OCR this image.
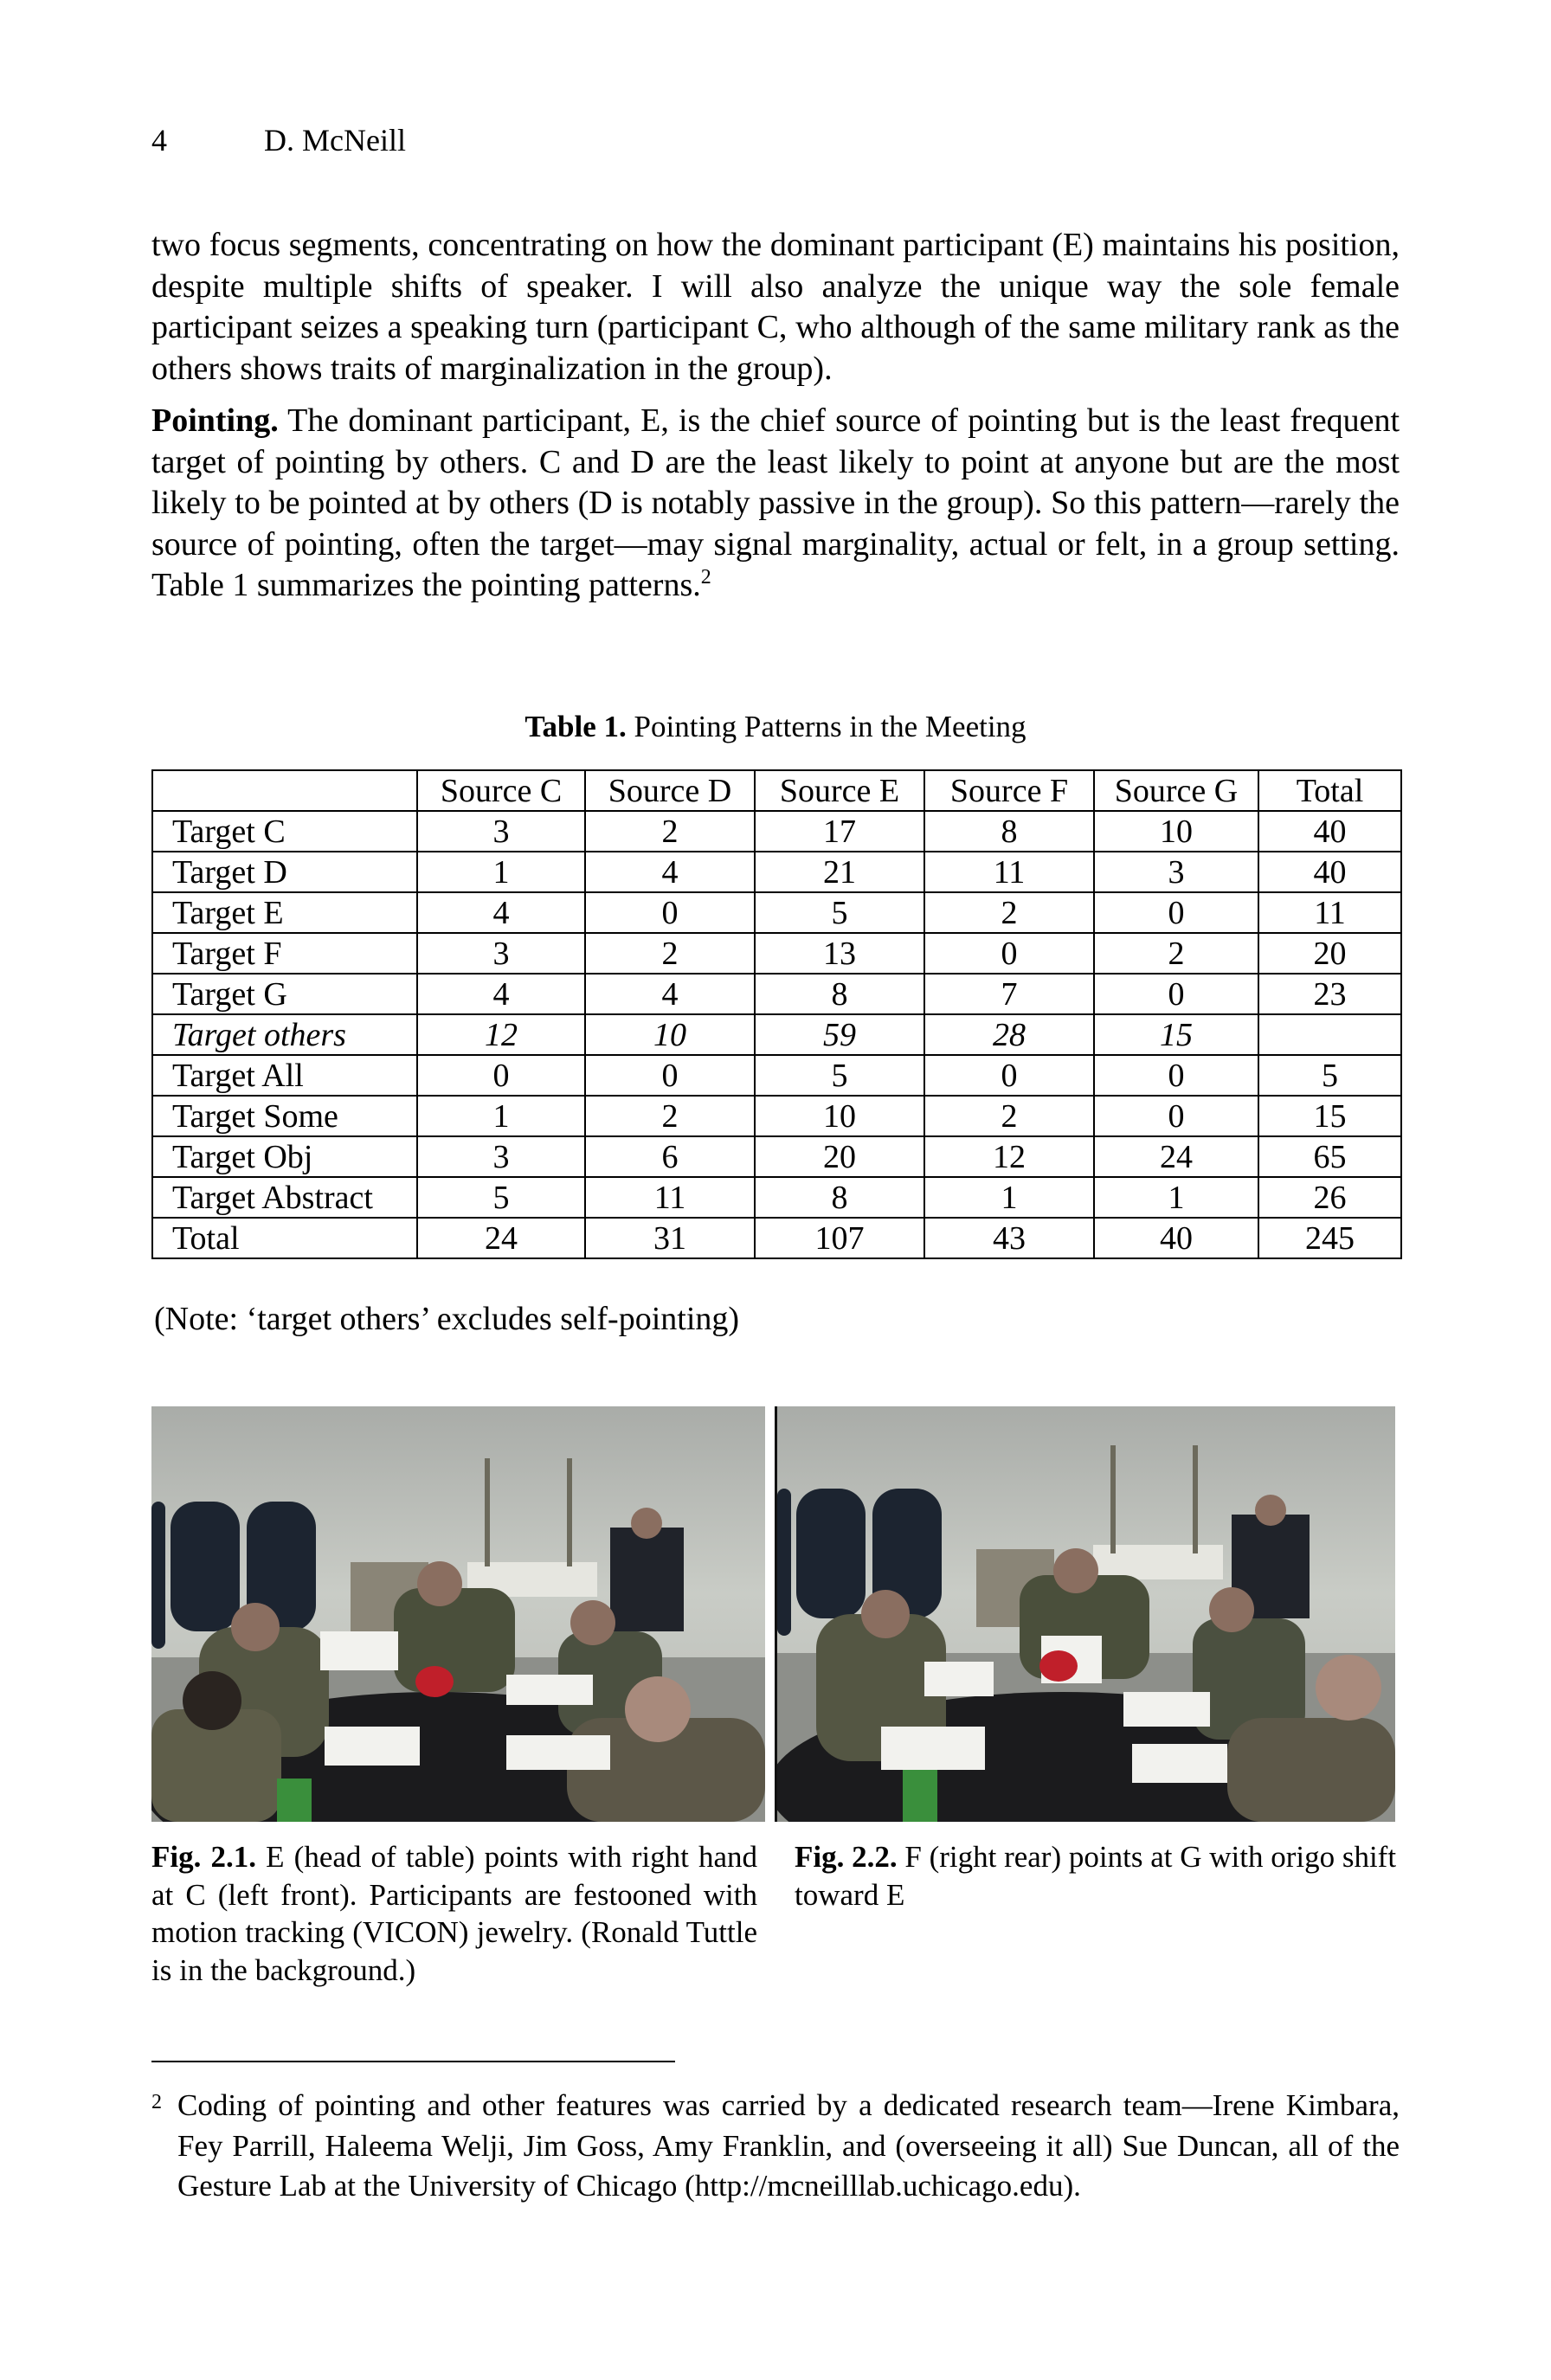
4	D. McNeill

two focus segments, concentrating on how the dominant participant (E) maintains his position, despite multiple shifts of speaker. I will also analyze the unique way the sole female participant seizes a speaking turn (participant C, who although of the same military rank as the others shows traits of marginalization in the group).

Pointing. The dominant participant, E, is the chief source of pointing but is the least frequent target of pointing by others. C and D are the least likely to point at anyone but are the most likely to be pointed at by others (D is notably passive in the group). So this pattern—rarely the source of pointing, often the target—may signal marginality, actual or felt, in a group setting. Table 1 summarizes the pointing patterns.$^2$

Table 1. Pointing Patterns in the Meeting
	Source C	Source D	Source E	Source F	Source G	Total
Target C	3	2	17	8	10	40
Target D	1	4	21	11	3	40
Target E	4	0	5	2	0	11
Target F	3	2	13	0	2	20
Target G	4	4	8	7	0	23
Target others	12	10	59	28	15	
Target All	0	0	5	0	0	5
Target Some	1	2	10	2	0	15
Target Obj	3	6	20	12	24	65
Target Abstract	5	11	8	1	1	26
Total	24	31	107	43	40	245
(Note: ‘target others’ excludes self-pointing)
Fig. 2.1. E (head of table) points with right hand at C (left front). Participants are festooned with motion tracking (VICON) jewelry. (Ronald Tuttle is in the background.)
Fig. 2.2. F (right rear) points at G with origo shift toward E
2 Coding of pointing and other features was carried by a dedicated research team—Irene Kimbara, Fey Parrill, Haleema Welji, Jim Goss, Amy Franklin, and (overseeing it all) Sue Duncan, all of the Gesture Lab at the University of Chicago (http://mcneilllab.uchicago.edu).
